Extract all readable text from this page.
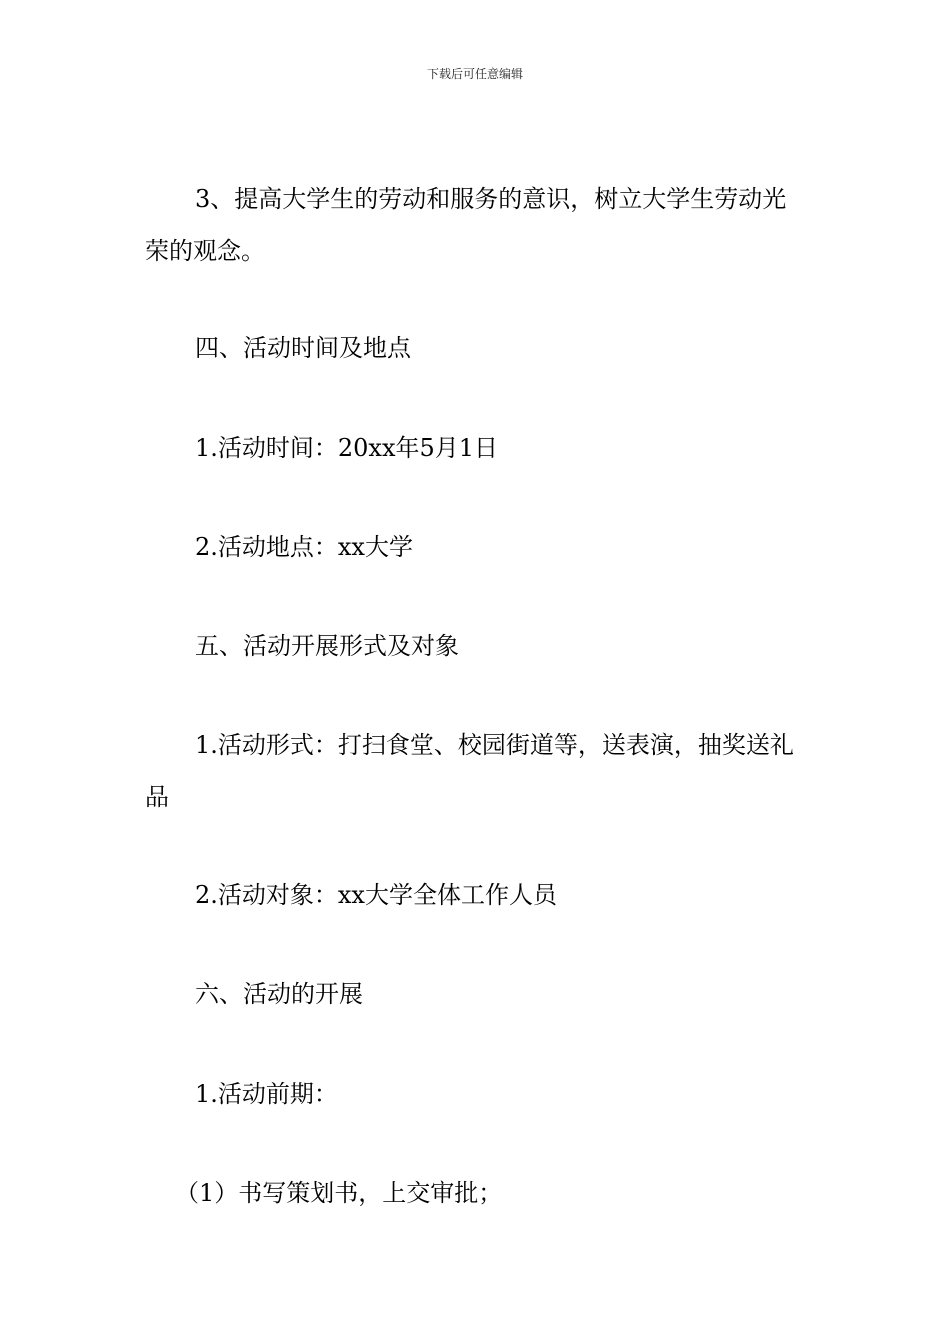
下载后可任意编辑

3、提高大学生的劳动和服务的意识，树立大学生劳动光荣的观念。

四、活动时间及地点

1.活动时间：20xx年5月1日

2.活动地点：xx大学

五、活动开展形式及对象

1.活动形式：打扫食堂、校园街道等，送表演，抽奖送礼品

2.活动对象：xx大学全体工作人员

六、活动的开展

1.活动前期：

（1）书写策划书，上交审批；
